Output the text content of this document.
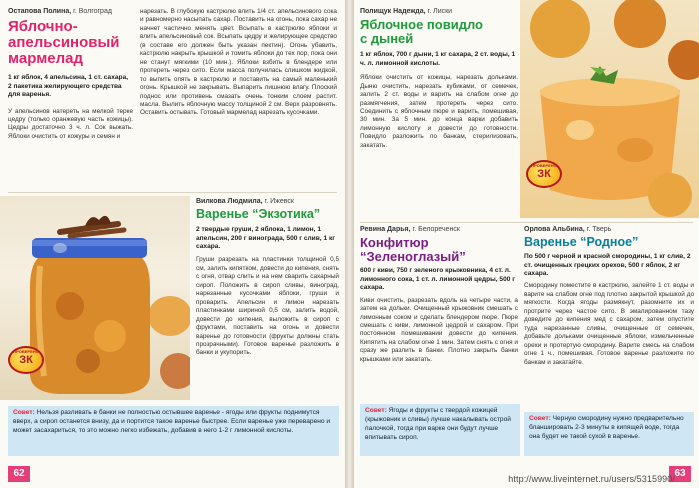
Остапова Полина, г. Волгоград
Яблочно-
апельсиновый
мармелад
1 кг яблок, 4 апельсина, 1 ст. сахара, 2 пакетика желирующего средства для варенья.
У апельсинов натереть на мелкой терке цедру (только оранжевую часть кожицы). Цедры достаточно 3 ч. л. Сок выжать. Яблоки очистить от кожуры и семян и
нарезать. В глубокую кастрюлю влить 1/4 ст. апельсинового сока и равномерно насыпать сахар. Поставить на огонь, пока сахар не начнет частично менять цвет. Всыпать в кастрюлю яблоки и влить апельсиновый сок. Всыпать цедру и желирующее средство (в составе его должен быть указан пектин). Огонь убавить, кастрюлю накрыть крышкой и томить яблоки до тех пор, пока они не станут мягкими (10 мин.). Яблоки взбить в блендере или протереть через сито. Если масса получилась слишком жидкой, то выпить опять в кастрюлю и поставить на самый маленький огонь. Крышкой не закрывать. Выпарить лишнюю влагу. Плоский поднос или противень смазать очень тонким слоем растит. масла. Вылить яблочную массу толщиной 2 см. Верх разровнять. Оставить остывать. Готовый мармелад нарезать кусочками.
ПРОВЕРЕНО
ЗК
Вилкова Людмила, г. Ижевск
Варенье “Экзотика”
2 твердые груши, 2 яблока, 1 лимон, 1 апельсин, 200 г винограда, 500 г слив, 1 кг сахара.
Груши разрезать на пластинки толщиной 0,5 см, залить кипятком, довести до кипения, снять с огня, отвар слить и на нем сварить сахарный сироп. Положить в сироп сливы, виноград, нарезанные кусочками яблоки, груши и проварить. Апельсин и лимон нарезать пластинками шириной 0,5 см, залить водой, довести до кипения, выложить в сироп с фруктами, поставить на огонь и довести варенье до готовности (фрукты должны стать прозрачными). Готовое варенье разложить в банки и укупорить.
Совет: Нельзя разливать в банки не полностью остывшее варенье - ягоды или фрукты поднимутся вверх, а сироп останется внизу, да и портится такое варенье быстрее. Если варенье уже переварено и может засахариться, то это можно легко избежать, добавив в него 1-2 г лимонной кислоты.
62
Полищук Надежда, г. Лиски
Яблочное повидло
с дыней
1 кг яблок, 700 г дыни, 1 кг сахара, 2 ст. воды, 1 ч. л. лимонной кислоты.
Яблоки очистить от кожицы, нарезать дольками. Дыню очистить, нарезать кубиками, от семечек, залить 2 ст. воды и варить на слабом огне до размягчения, затем протереть через сито. Соединить с яблочным пюре и варить, помешивая, 30 мин. За 5 мин. до конца варки добавить лимонную кислоту и довести до готовности. Повидло разложить по банкам, стерилизовать, закатать.
ПРОВЕРЕНО
ЗК
Ревина Дарья, г. Белореченск
Конфитюр
“Зеленоглазый”
600 г киви, 750 г зеленого крыжовника, 4 ст. л. лимонного сока, 1 ст. л. лимонной цедры, 500 г сахара.
Киви очистить, разрезать вдоль на четыре части, а затем на дольки. Очищенный крыжовник смешать с лимонным соком и сделать блендером пюре. Пюре смешать с киви, лимонной цедрой и сахаром. При постоянном помешивании довести до кипения. Кипятить на слабом огне 1 мин. Затем снять с огня и сразу же разлить в банки. Плотно закрыть банки крышками или закатать.
Орлова Альбина, г. Тверь
Варенье “Родное”
По 500 г черной и красной смородины, 1 кг слив, 2 ст. очищенных грецких орехов, 500 г яблок, 2 кг сахара.
Смородину поместите в кастрюлю, залейте 1 ст. воды и варите на слабом огне под плотно закрытой крышкой до мягкости. Когда ягоды размякнут, разомните их и протрите через частое сито. В эмалированном тазу доведите до кипения мед с сахаром, затем опустите туда нарезанные сливы, очищенные от семечек, добавьте дольками очищенные яблоки, измельченные орехи и протертую смородину. Варите смесь на слабом огне 1 ч., помешивая. Готовое варенье разложите по банкам и закатайте.
Совет: Ягоды и фрукты с твердой кожицей (крыжовник и сливы) лучше накалывать острой палочкой, тогда при варке они будут лучше впитывать сироп.
Совет: Черную смородину нужно предварительно бланшировать 2-3 минуты в кипящей воде, тогда она будет не такой сухой в варенье.
63
http://www.liveinternet.ru/users/5315990/
